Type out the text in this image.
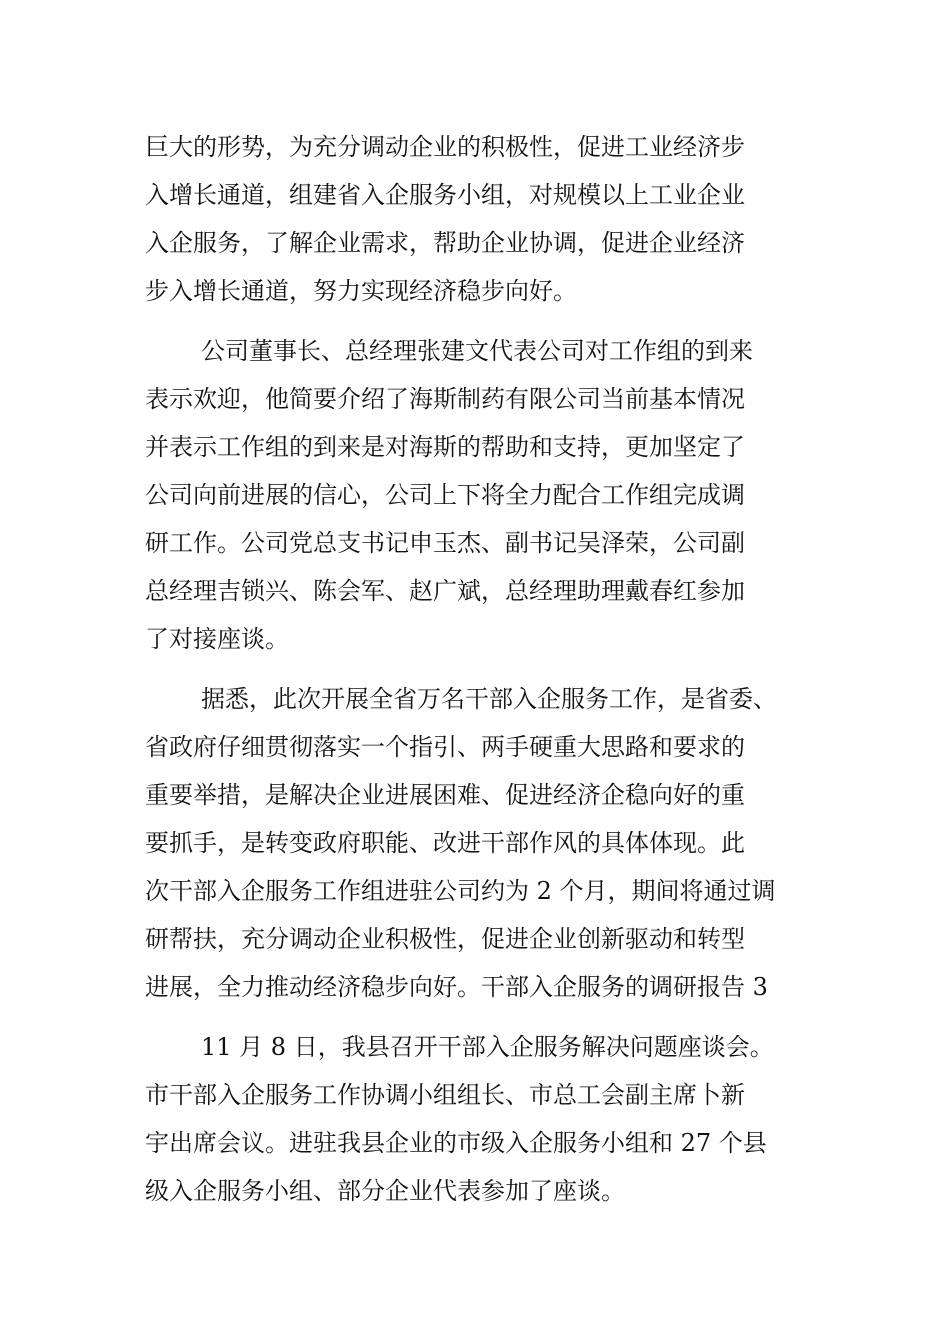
巨大的形势，为充分调动企业的积极性，促进工业经济步
入增长通道，组建省入企服务小组，对规模以上工业企业
入企服务，了解企业需求，帮助企业协调，促进企业经济
步入增长通道，努力实现经济稳步向好。
公司董事长、总经理张建文代表公司对工作组的到来
表示欢迎，他简要介绍了海斯制药有限公司当前基本情况
并表示工作组的到来是对海斯的帮助和支持，更加坚定了
公司向前进展的信心，公司上下将全力配合工作组完成调
研工作。公司党总支书记申玉杰、副书记吴泽荣，公司副
总经理吉锁兴、陈会军、赵广斌，总经理助理戴春红参加
了对接座谈。
据悉，此次开展全省万名干部入企服务工作，是省委、
省政府仔细贯彻落实一个指引、两手硬重大思路和要求的
重要举措，是解决企业进展困难、促进经济企稳向好的重
要抓手，是转变政府职能、改进干部作风的具体体现。此
次干部入企服务工作组进驻公司约为 2 个月，期间将通过调
研帮扶，充分调动企业积极性，促进企业创新驱动和转型
进展，全力推动经济稳步向好。干部入企服务的调研报告 3
11 月 8 日，我县召开干部入企服务解决问题座谈会。
市干部入企服务工作协调小组组长、市总工会副主席卜新
宇出席会议。进驻我县企业的市级入企服务小组和 27 个县
级入企服务小组、部分企业代表参加了座谈。
